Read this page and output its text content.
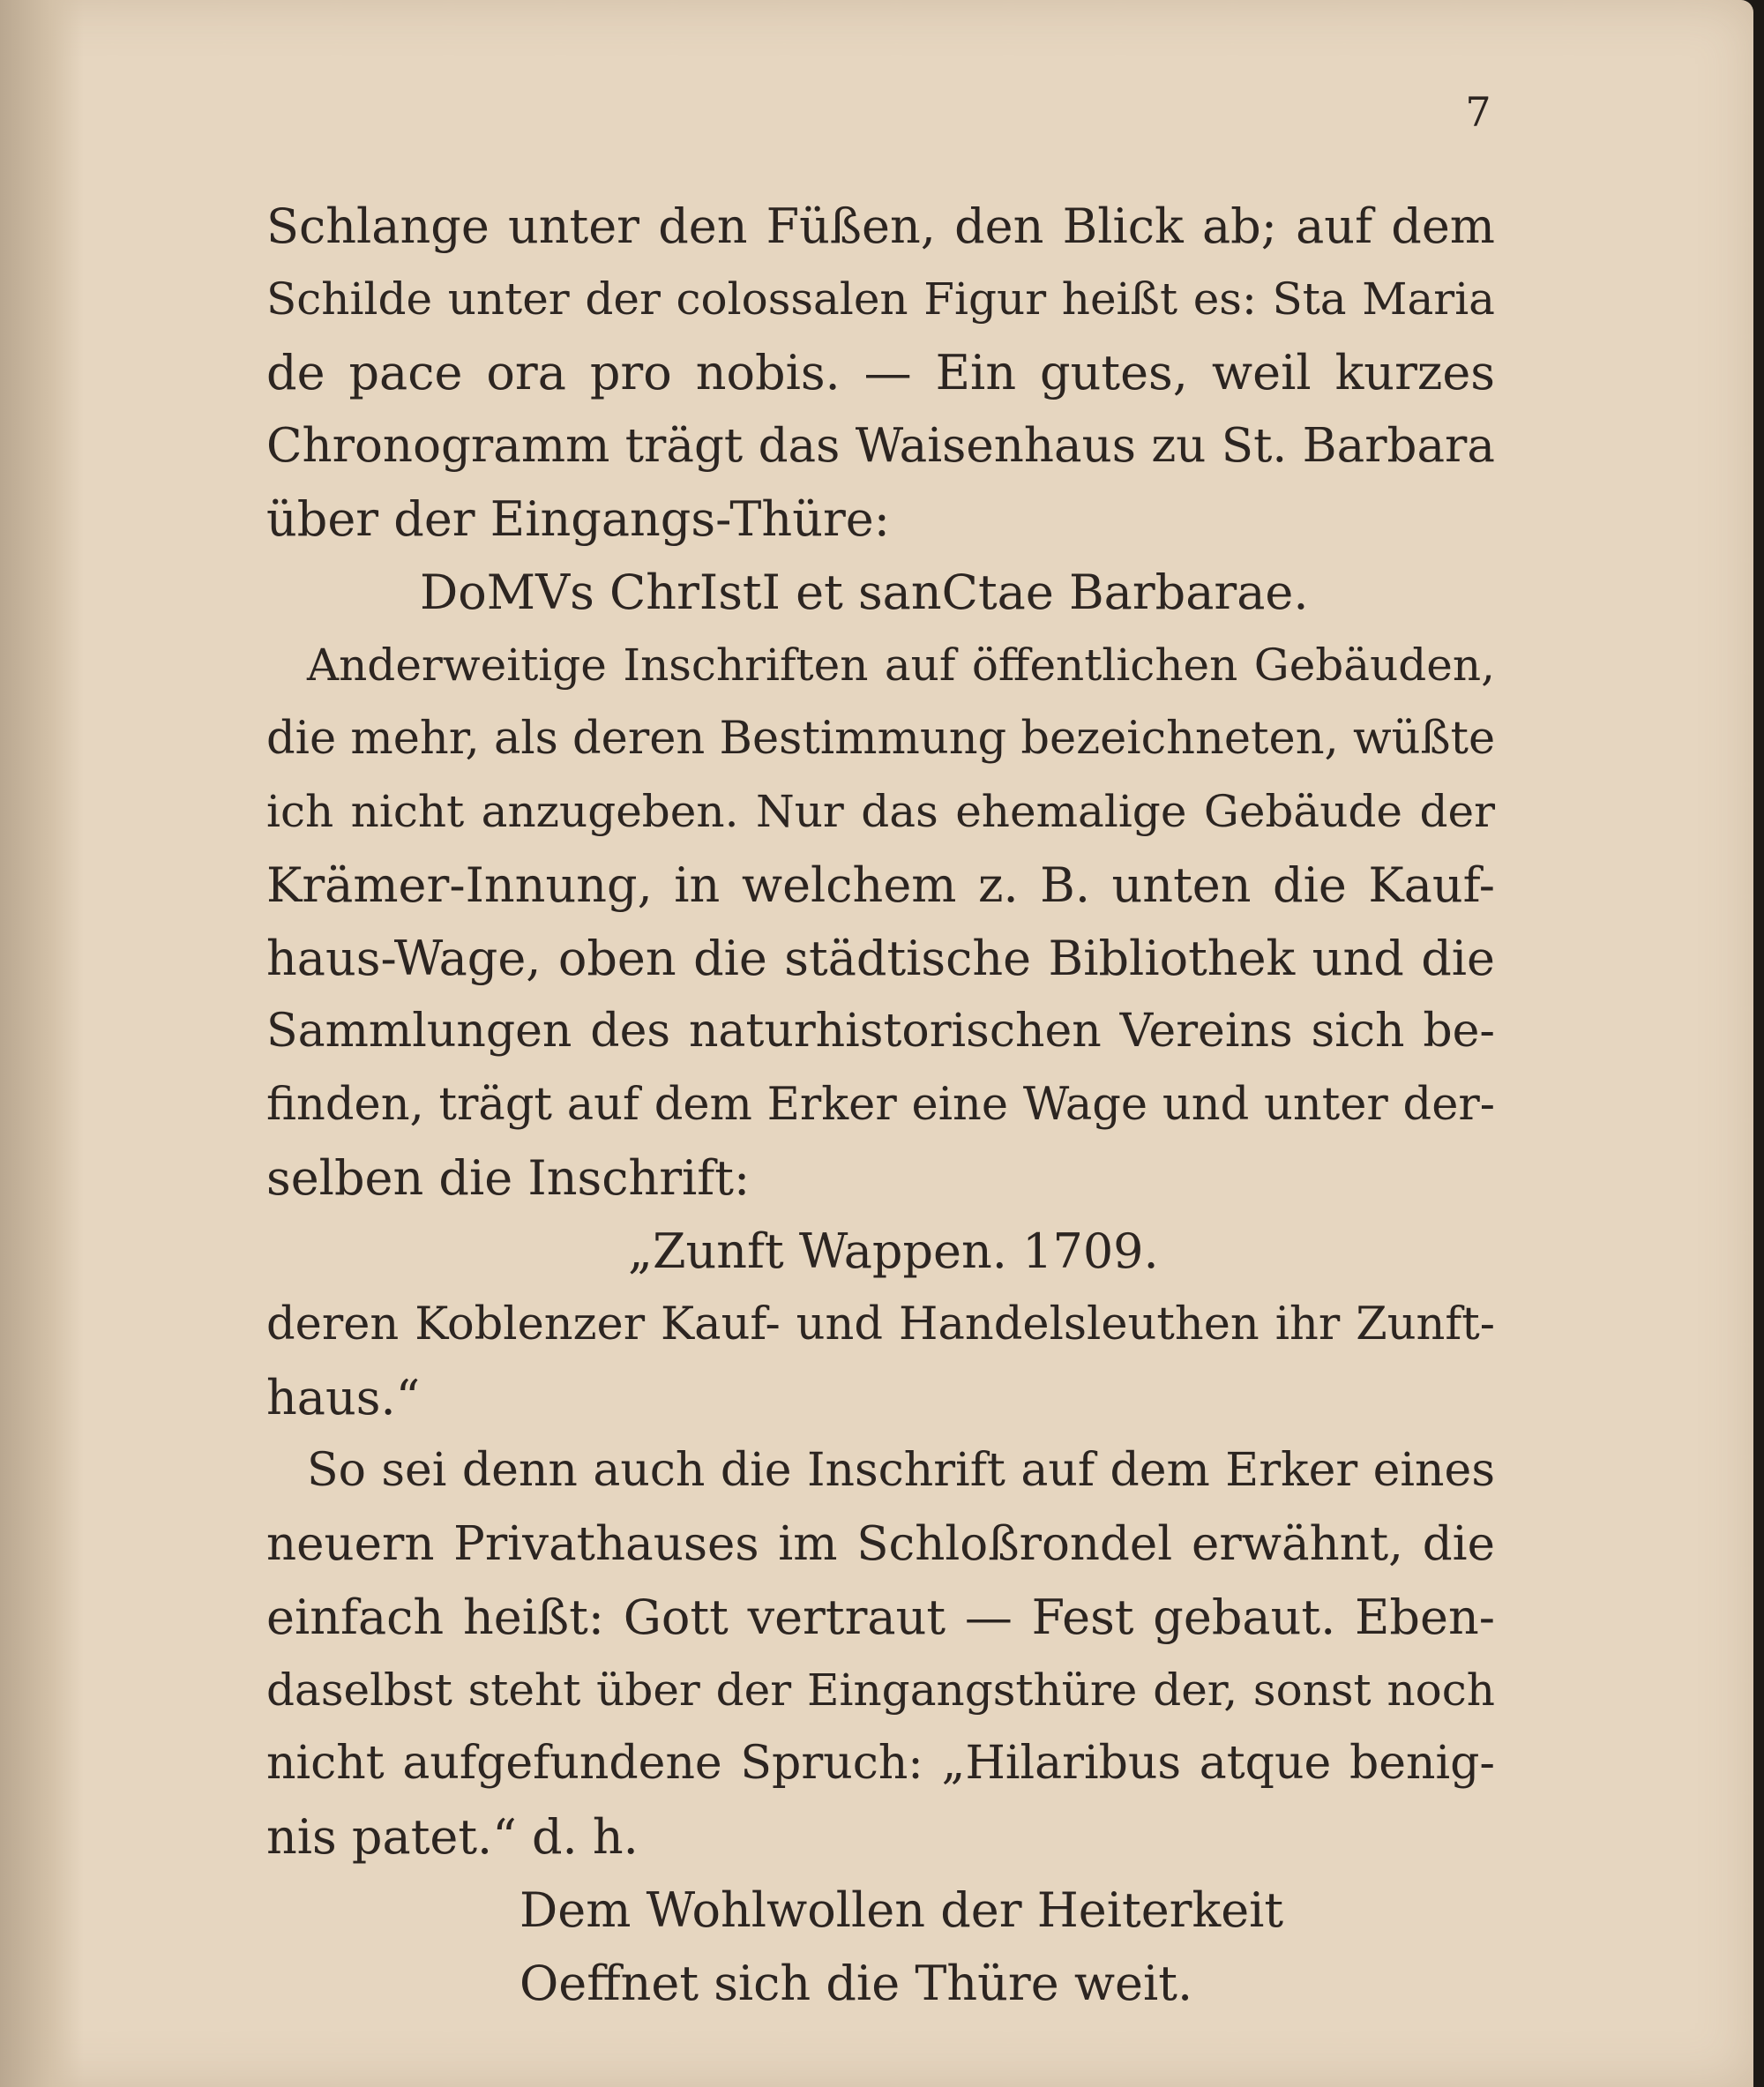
7
Schlange unter den Füßen, den Blick ab; auf dem
Schilde unter der colossalen Figur heißt es: Sta Maria
de pace ora pro nobis. — Ein gutes, weil kurzes
Chronogramm trägt das Waisenhaus zu St. Barbara
über der Eingangs-Thüre:
DoMVs ChrIstI et sanCtae Barbarae.
Anderweitige Inschriften auf öffentlichen Gebäuden,
die mehr, als deren Bestimmung bezeichneten, wüßte
ich nicht anzugeben. Nur das ehemalige Gebäude der
Krämer-Innung, in welchem z. B. unten die Kauf-
haus-Wage, oben die städtische Bibliothek und die
Sammlungen des naturhistorischen Vereins sich be-
finden, trägt auf dem Erker eine Wage und unter der-
selben die Inschrift:
„Zunft Wappen. 1709.
deren Koblenzer Kauf- und Handelsleuthen ihr Zunft-
haus.“
So sei denn auch die Inschrift auf dem Erker eines
neuern Privathauses im Schloßrondel erwähnt, die
einfach heißt: Gott vertraut — Fest gebaut. Eben-
daselbst steht über der Eingangsthüre der, sonst noch
nicht aufgefundene Spruch: „Hilaribus atque benig-
nis patet.“ d. h.
Dem Wohlwollen der Heiterkeit
Oeffnet sich die Thüre weit.
